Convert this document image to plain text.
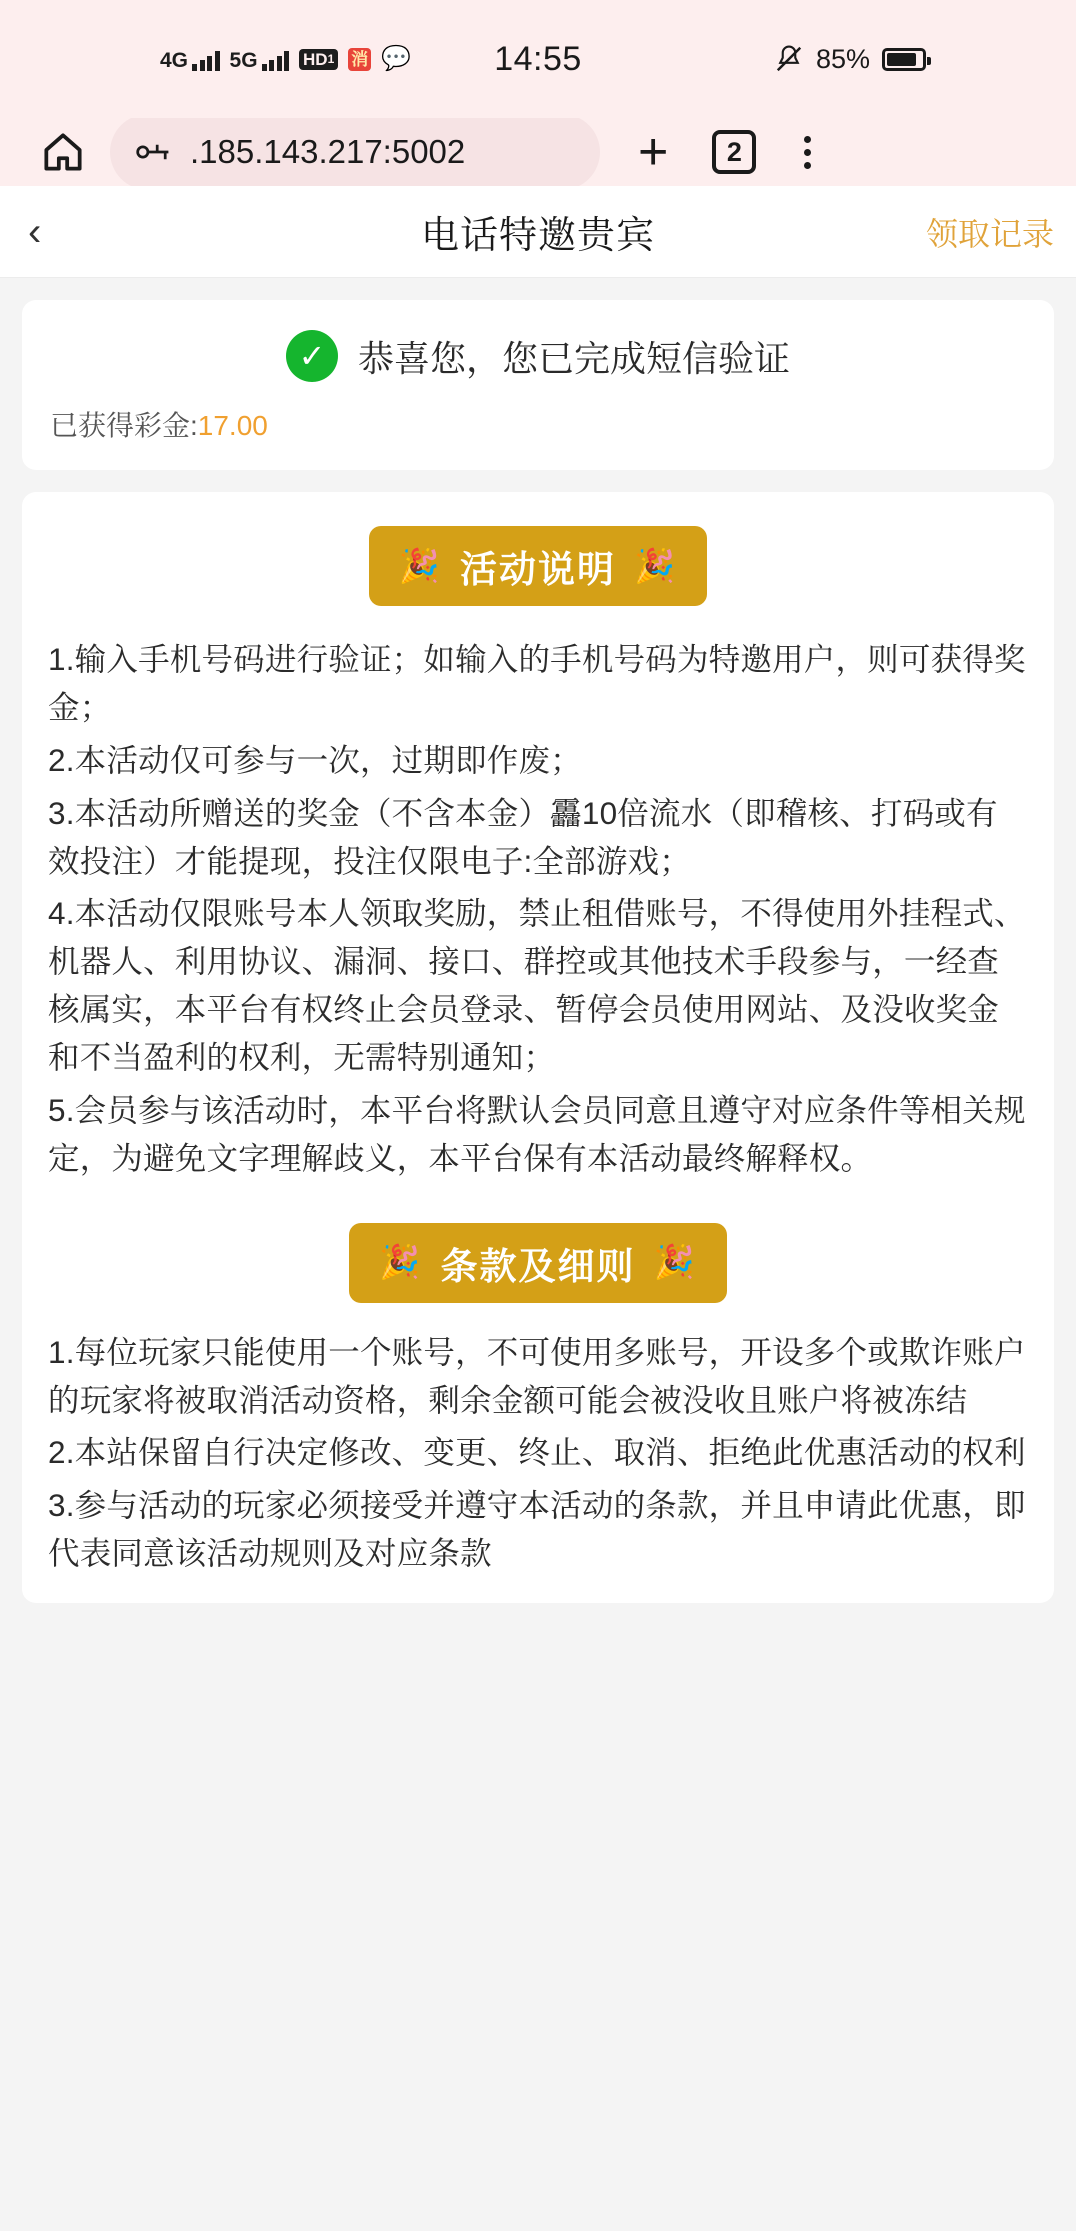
4G 5G	HD 1 消 💬 14:55	85%
.185.143.217:5002	+	2
‹	电话特邀贵宾	领取记录
✓ 恭喜您，您已完成短信验证
已获得彩金:17.00
🎉 活动说明 🎉

1.输入手机号码进行验证；如输入的手机号码为特邀用户，则可获得奖金；

2.本活动仅可参与一次，过期即作废；

3.本活动所赠送的奖金（不含本金）靐10倍流水（即稽核、打码或有效投注）才能提现，投注仅限电子:全部游戏；

4.本活动仅限账号本人领取奖励，禁止租借账号，不得使用外挂程式、机器人、利用协议、漏洞、接口、群控或其他技术手段参与，一经查核属实，本平台有权终止会员登录、暂停会员使用网站、及没收奖金和不当盈利的权利，无需特别通知；

5.会员参与该活动时，本平台将默认会员同意且遵守对应条件等相关规定，为避免文字理解歧义，本平台保有本活动最终解释权。

🎉 条款及细则 🎉

1.每位玩家只能使用一个账号，不可使用多账号，开设多个或欺诈账户的玩家将被取消活动资格，剩余金额可能会被没收且账户将被冻结

2.本站保留自行决定修改、变更、终止、取消、拒绝此优惠活动的权利

3.参与活动的玩家必须接受并遵守本活动的条款，并且申请此优惠，即代表同意该活动规则及对应条款
